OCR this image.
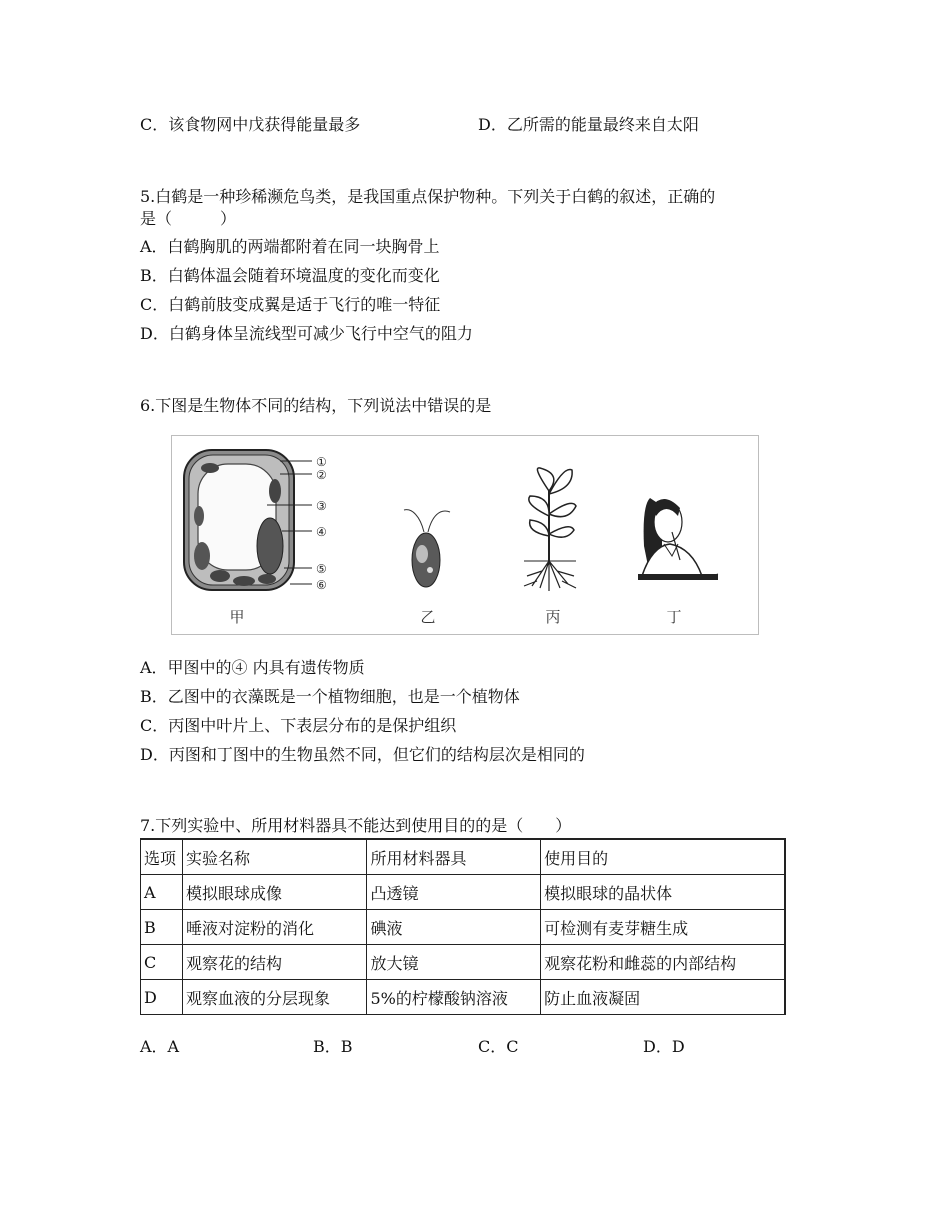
C．该食物网中戊获得能量最多	D．乙所需的能量最终来自太阳
5.白鹤是一种珍稀濒危鸟类，是我国重点保护物种。下列关于白鹤的叙述，正确的
是（　　　）
A．白鹤胸肌的两端都附着在同一块胸骨上
B．白鹤体温会随着环境温度的变化而变化
C．白鹤前肢变成翼是适于飞行的唯一特征
D．白鹤身体呈流线型可减少飞行中空气的阻力
6.下图是生物体不同的结构，下列说法中错误的是
①
②
③
④
⑤
⑥
甲	乙	丙	丁
A．甲图中的④ 内具有遗传物质
B．乙图中的衣藻既是一个植物细胞，也是一个植物体
C．丙图中叶片上、下表层分布的是保护组织
D．丙图和丁图中的生物虽然不同，但它们的结构层次是相同的
7.下列实验中、所用材料器具不能达到使用目的的是（　　）
选项	实验名称	所用材料器具	使用目的
A	模拟眼球成像	凸透镜	模拟眼球的晶状体
B	唾液对淀粉的消化	碘液	可检测有麦芽糖生成
C	观察花的结构	放大镜	观察花粉和雌蕊的内部结构
D	观察血液的分层现象	5%的柠檬酸钠溶液	防止血液凝固
A．A	B．B	C．C	D．D
